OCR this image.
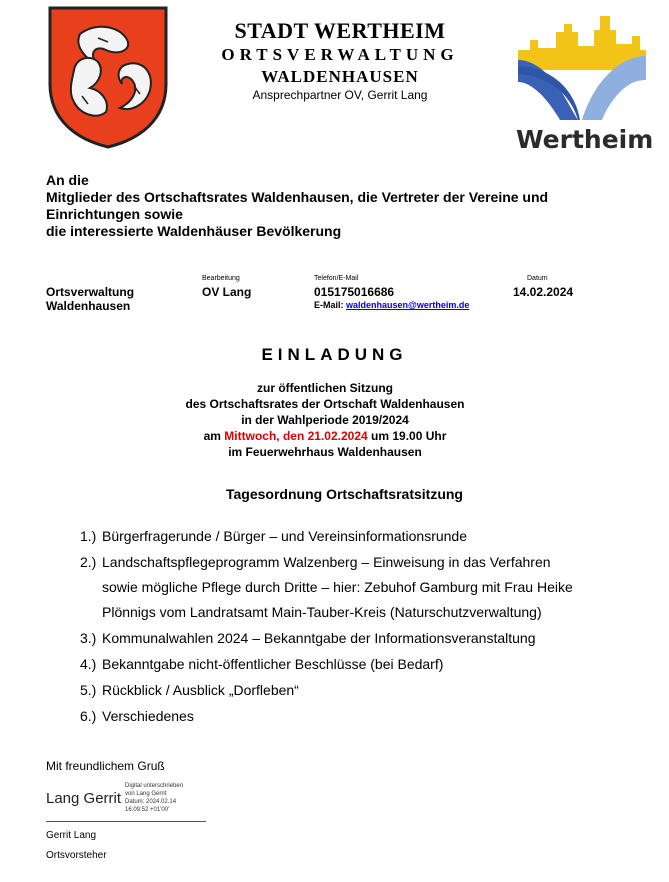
STADT WERTHEIM
ORTSVERWALTUNG
WALDENHAUSEN
Ansprechpartner OV, Gerrit Lang
Wertheim
An die
Mitglieder des Ortschaftsrates Waldenhausen, die Vertreter der Vereine und
Einrichtungen sowie
die interessierte Waldenhäuser Bevölkerung
Ortsverwaltung
Waldenhausen
Bearbeitung
OV Lang
Telefon/E-Mail
015175016686
E-Mail: waldenhausen@wertheim.de
Datum
14.02.2024
EINLADUNG
zur öffentlichen Sitzung
des Ortschaftsrates der Ortschaft Waldenhausen
in der Wahlperiode 2019/2024
am Mittwoch, den 21.02.2024 um 19.00 Uhr
im Feuerwehrhaus Waldenhausen
Tagesordnung Ortschaftsratsitzung
1.) Bürgerfragerunde / Bürger – und Vereinsinformationsrunde
2.) Landschaftspflegeprogramm Walzenberg – Einweisung in das Verfahren
sowie mögliche Pflege durch Dritte – hier: Zebuhof Gamburg mit Frau Heike
Plönnigs vom Landratsamt Main-Tauber-Kreis (Naturschutzverwaltung)
3.) Kommunalwahlen 2024 – Bekanntgabe der Informationsveranstaltung
4.) Bekanntgabe nicht-öffentlicher Beschlüsse (bei Bedarf)
5.) Rückblick / Ausblick „Dorfleben“
6.) Verschiedenes
Mit freundlichem Gruß
Lang Gerrit
Digital unterschrieben
von Lang Gerrit
Datum: 2024.02.14
16:09:52 +01'00'
Gerrit Lang
Ortsvorsteher
